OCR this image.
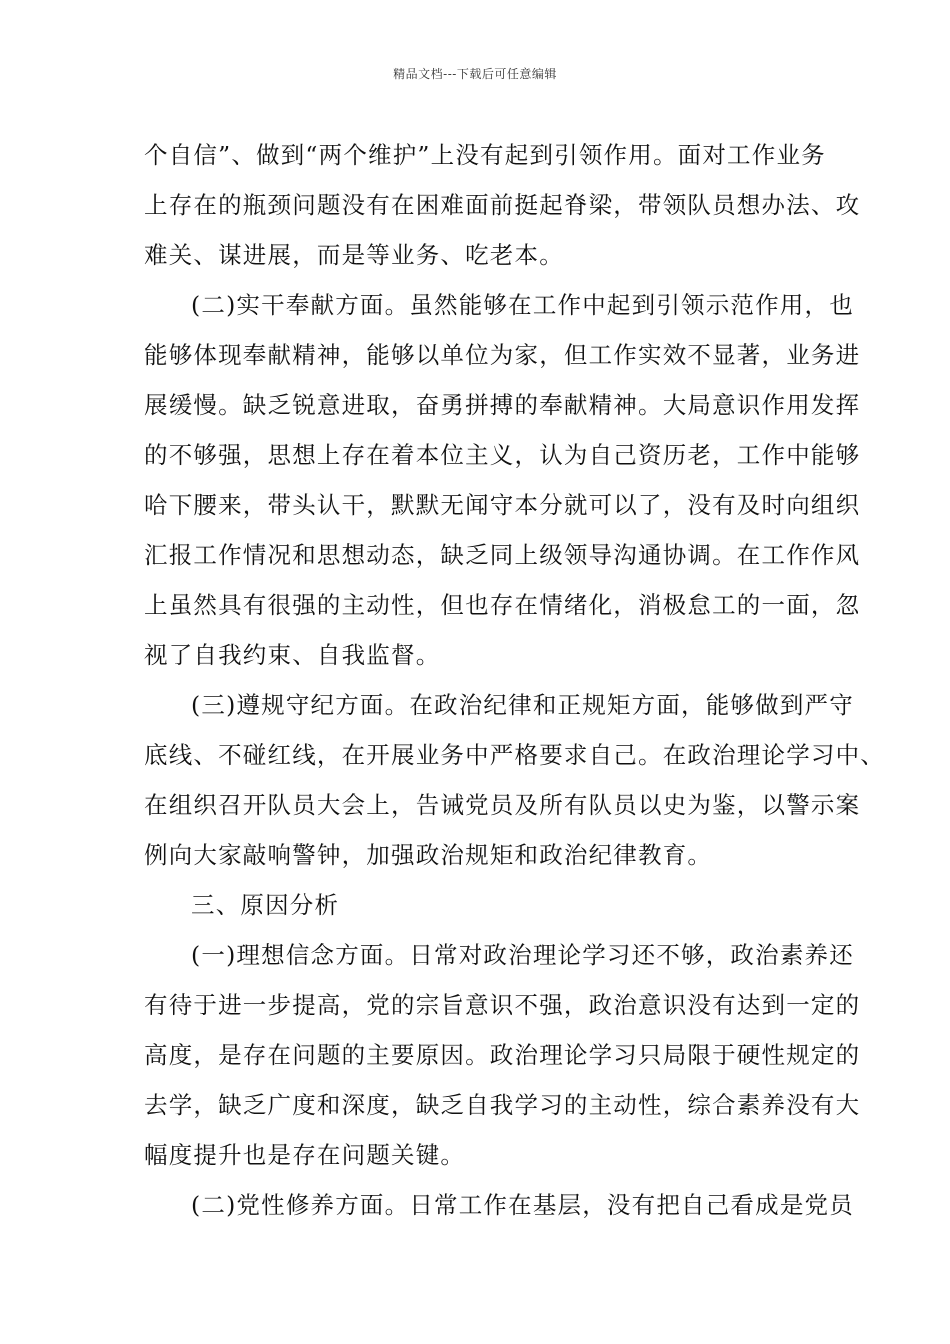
精品文档---下载后可任意编辑
个自信”、做到“两个维护”上没有起到引领作用。面对工作业务
上存在的瓶颈问题没有在困难面前挺起脊梁，带领队员想办法、攻
难关、谋进展，而是等业务、吃老本。
(二)实干奉献方面。虽然能够在工作中起到引领示范作用，也
能够体现奉献精神，能够以单位为家，但工作实效不显著，业务进
展缓慢。缺乏锐意进取，奋勇拼搏的奉献精神。大局意识作用发挥
的不够强，思想上存在着本位主义，认为自己资历老，工作中能够
哈下腰来，带头认干，默默无闻守本分就可以了，没有及时向组织
汇报工作情况和思想动态，缺乏同上级领导沟通协调。在工作作风
上虽然具有很强的主动性，但也存在情绪化，消极怠工的一面，忽
视了自我约束、自我监督。
(三)遵规守纪方面。在政治纪律和正规矩方面，能够做到严守
底线、不碰红线，在开展业务中严格要求自己。在政治理论学习中、
在组织召开队员大会上，告诫党员及所有队员以史为鉴，以警示案
例向大家敲响警钟，加强政治规矩和政治纪律教育。
三、原因分析
(一)理想信念方面。日常对政治理论学习还不够，政治素养还
有待于进一步提高，党的宗旨意识不强，政治意识没有达到一定的
高度，是存在问题的主要原因。政治理论学习只局限于硬性规定的
去学，缺乏广度和深度，缺乏自我学习的主动性，综合素养没有大
幅度提升也是存在问题关键。
(二)党性修养方面。日常工作在基层，没有把自己看成是党员
